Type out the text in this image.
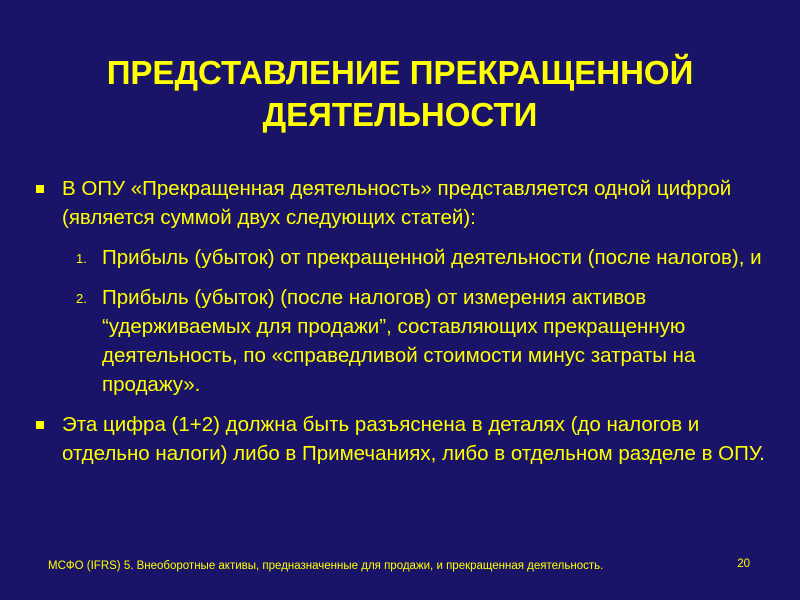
ПРЕДСТАВЛЕНИЕ ПРЕКРАЩЕННОЙ ДЕЯТЕЛЬНОСТИ
В ОПУ «Прекращенная деятельность» представляется одной цифрой (является суммой двух следующих статей):
1. Прибыль (убыток) от прекращенной деятельности (после налогов), и
2. Прибыль (убыток) (после налогов) от измерения активов “удерживаемых для продажи”, составляющих прекращенную деятельность, по «справедливой стоимости минус затраты на продажу».
Эта цифра (1+2) должна быть разъяснена в деталях (до налогов и отдельно налоги) либо в Примечаниях, либо в отдельном разделе в ОПУ.
МСФО (IFRS) 5. Внеоборотные активы, предназначенные для продажи, и прекращенная деятельность.	20
